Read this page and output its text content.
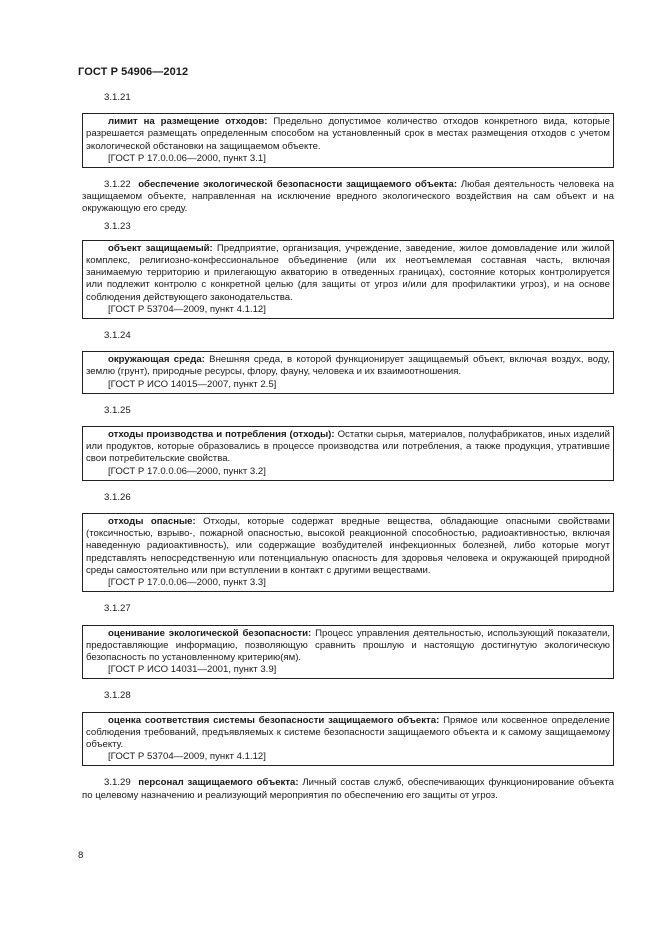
ГОСТ Р 54906—2012
3.1.21

лимит на размещение отходов: Предельно допустимое количество отходов конкретного вида, которые разрешается размещать определенным способом на установленный срок в местах размещения отходов с учетом экологической обстановки на защищаемом объекте.

[ГОСТ Р 17.0.0.06—2000, пункт 3.1]

3.1.22 обеспечение экологической безопасности защищаемого объекта: Любая деятельность человека на защищаемом объекте, направленная на исключение вредного экологического воздействия на сам объект и на окружающую его среду.

3.1.23

объект защищаемый: Предприятие, организация, учреждение, заведение, жилое домовладение или жилой комплекс, религиозно-конфессиональное объединение (или их неотъемлемая составная часть, включая занимаемую территорию и прилегающую акваторию в отведенных границах), состояние которых контролируется или подлежит контролю с конкретной целью (для защиты от угроз и/или для профилактики угроз), и на основе соблюдения действующего законодательства.

[ГОСТ Р 53704—2009, пункт 4.1.12]

3.1.24

окружающая среда: Внешняя среда, в которой функционирует защищаемый объект, включая воздух, воду, землю (грунт), природные ресурсы, флору, фауну, человека и их взаимоотношения.

[ГОСТ Р ИСО 14015—2007, пункт 2.5]

3.1.25

отходы производства и потребления (отходы): Остатки сырья, материалов, полуфабрикатов, иных изделий или продуктов, которые образовались в процессе производства или потребления, а также продукция, утратившие свои потребительские свойства.

[ГОСТ Р 17.0.0.06—2000, пункт 3.2]

3.1.26

отходы опасные: Отходы, которые содержат вредные вещества, обладающие опасными свойствами (токсичностью, взрыво-, пожарной опасностью, высокой реакционной способностью, радиоактивностью, включая наведенную радиоактивность), или содержащие возбудителей инфекционных болезней, либо которые могут представлять непосредственную или потенциальную опасность для здоровья человека и окружающей природной среды самостоятельно или при вступлении в контакт с другими веществами.

[ГОСТ Р 17.0.0.06—2000, пункт 3.3]

3.1.27

оценивание экологической безопасности: Процесс управления деятельностью, использующий показатели, предоставляющие информацию, позволяющую сравнить прошлую и настоящую достигнутую экологическую безопасность по установленному критерию(ям).

[ГОСТ Р ИСО 14031—2001, пункт 3.9]

3.1.28

оценка соответствия системы безопасности защищаемого объекта: Прямое или косвенное определение соблюдения требований, предъявляемых к системе безопасности защищаемого объекта и к самому защищаемому объекту.

[ГОСТ Р 53704—2009, пункт 4.1.12]

3.1.29 персонал защищаемого объекта: Личный состав служб, обеспечивающих функционирование объекта по целевому назначению и реализующий мероприятия по обеспечению его защиты от угроз.

8
